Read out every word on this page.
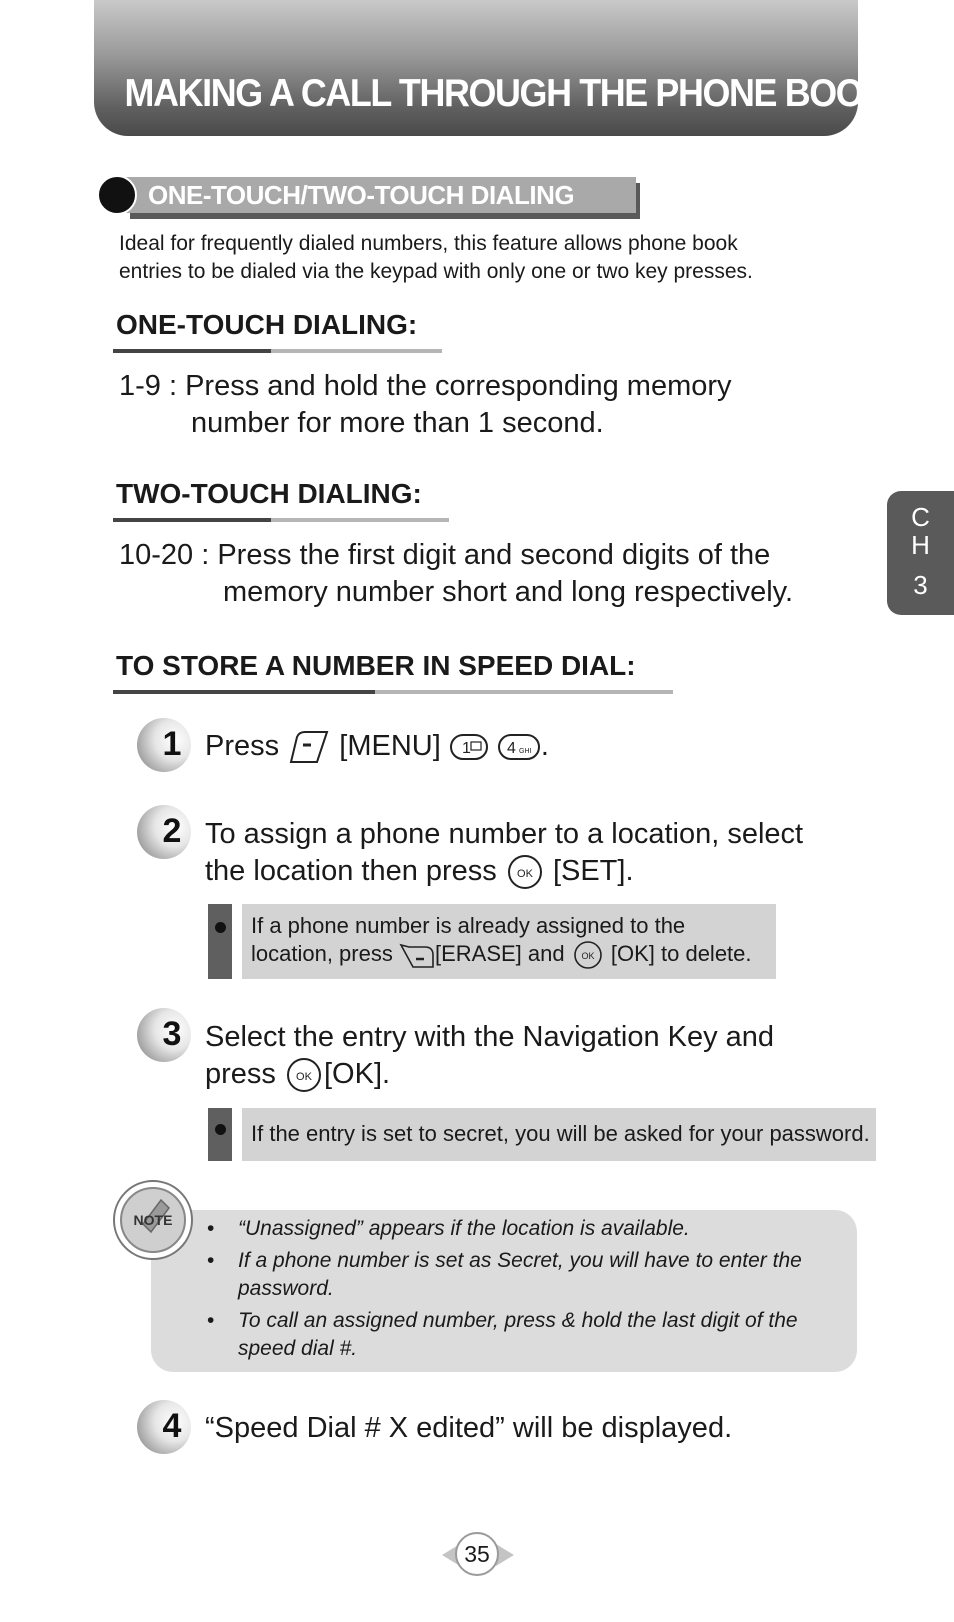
MAKING A CALL THROUGH THE PHONE BOOK
ONE-TOUCH/TWO-TOUCH DIALING
Ideal for frequently dialed numbers, this feature allows phone book
entries to be dialed via the keypad with only one or two key presses.
ONE-TOUCH DIALING:
1-9 : Press and hold the corresponding memory
number for more than 1 second.
TWO-TOUCH DIALING:
10-20 : Press the first digit and second digits of the
memory number short and long respectively.
C
H
3
TO STORE A NUMBER IN SPEED DIAL:
1 Press [MENU] 1
4 GHI .
2 To assign a phone number to a location, select
the location then press OK [SET].
If a phone number is already assigned to the
location, press [ERASE] and OK [OK] to delete.
3 Select the entry with the Navigation Key and
press OK [OK].
If the entry is set to secret, you will be asked for your password.
NOTE • “Unassigned” appears if the location is available.
• If a phone number is set as Secret, you will have to enter the
password.
• To call an assigned number, press & hold the last digit of the
speed dial #.
4 “Speed Dial # X edited” will be displayed.
35
